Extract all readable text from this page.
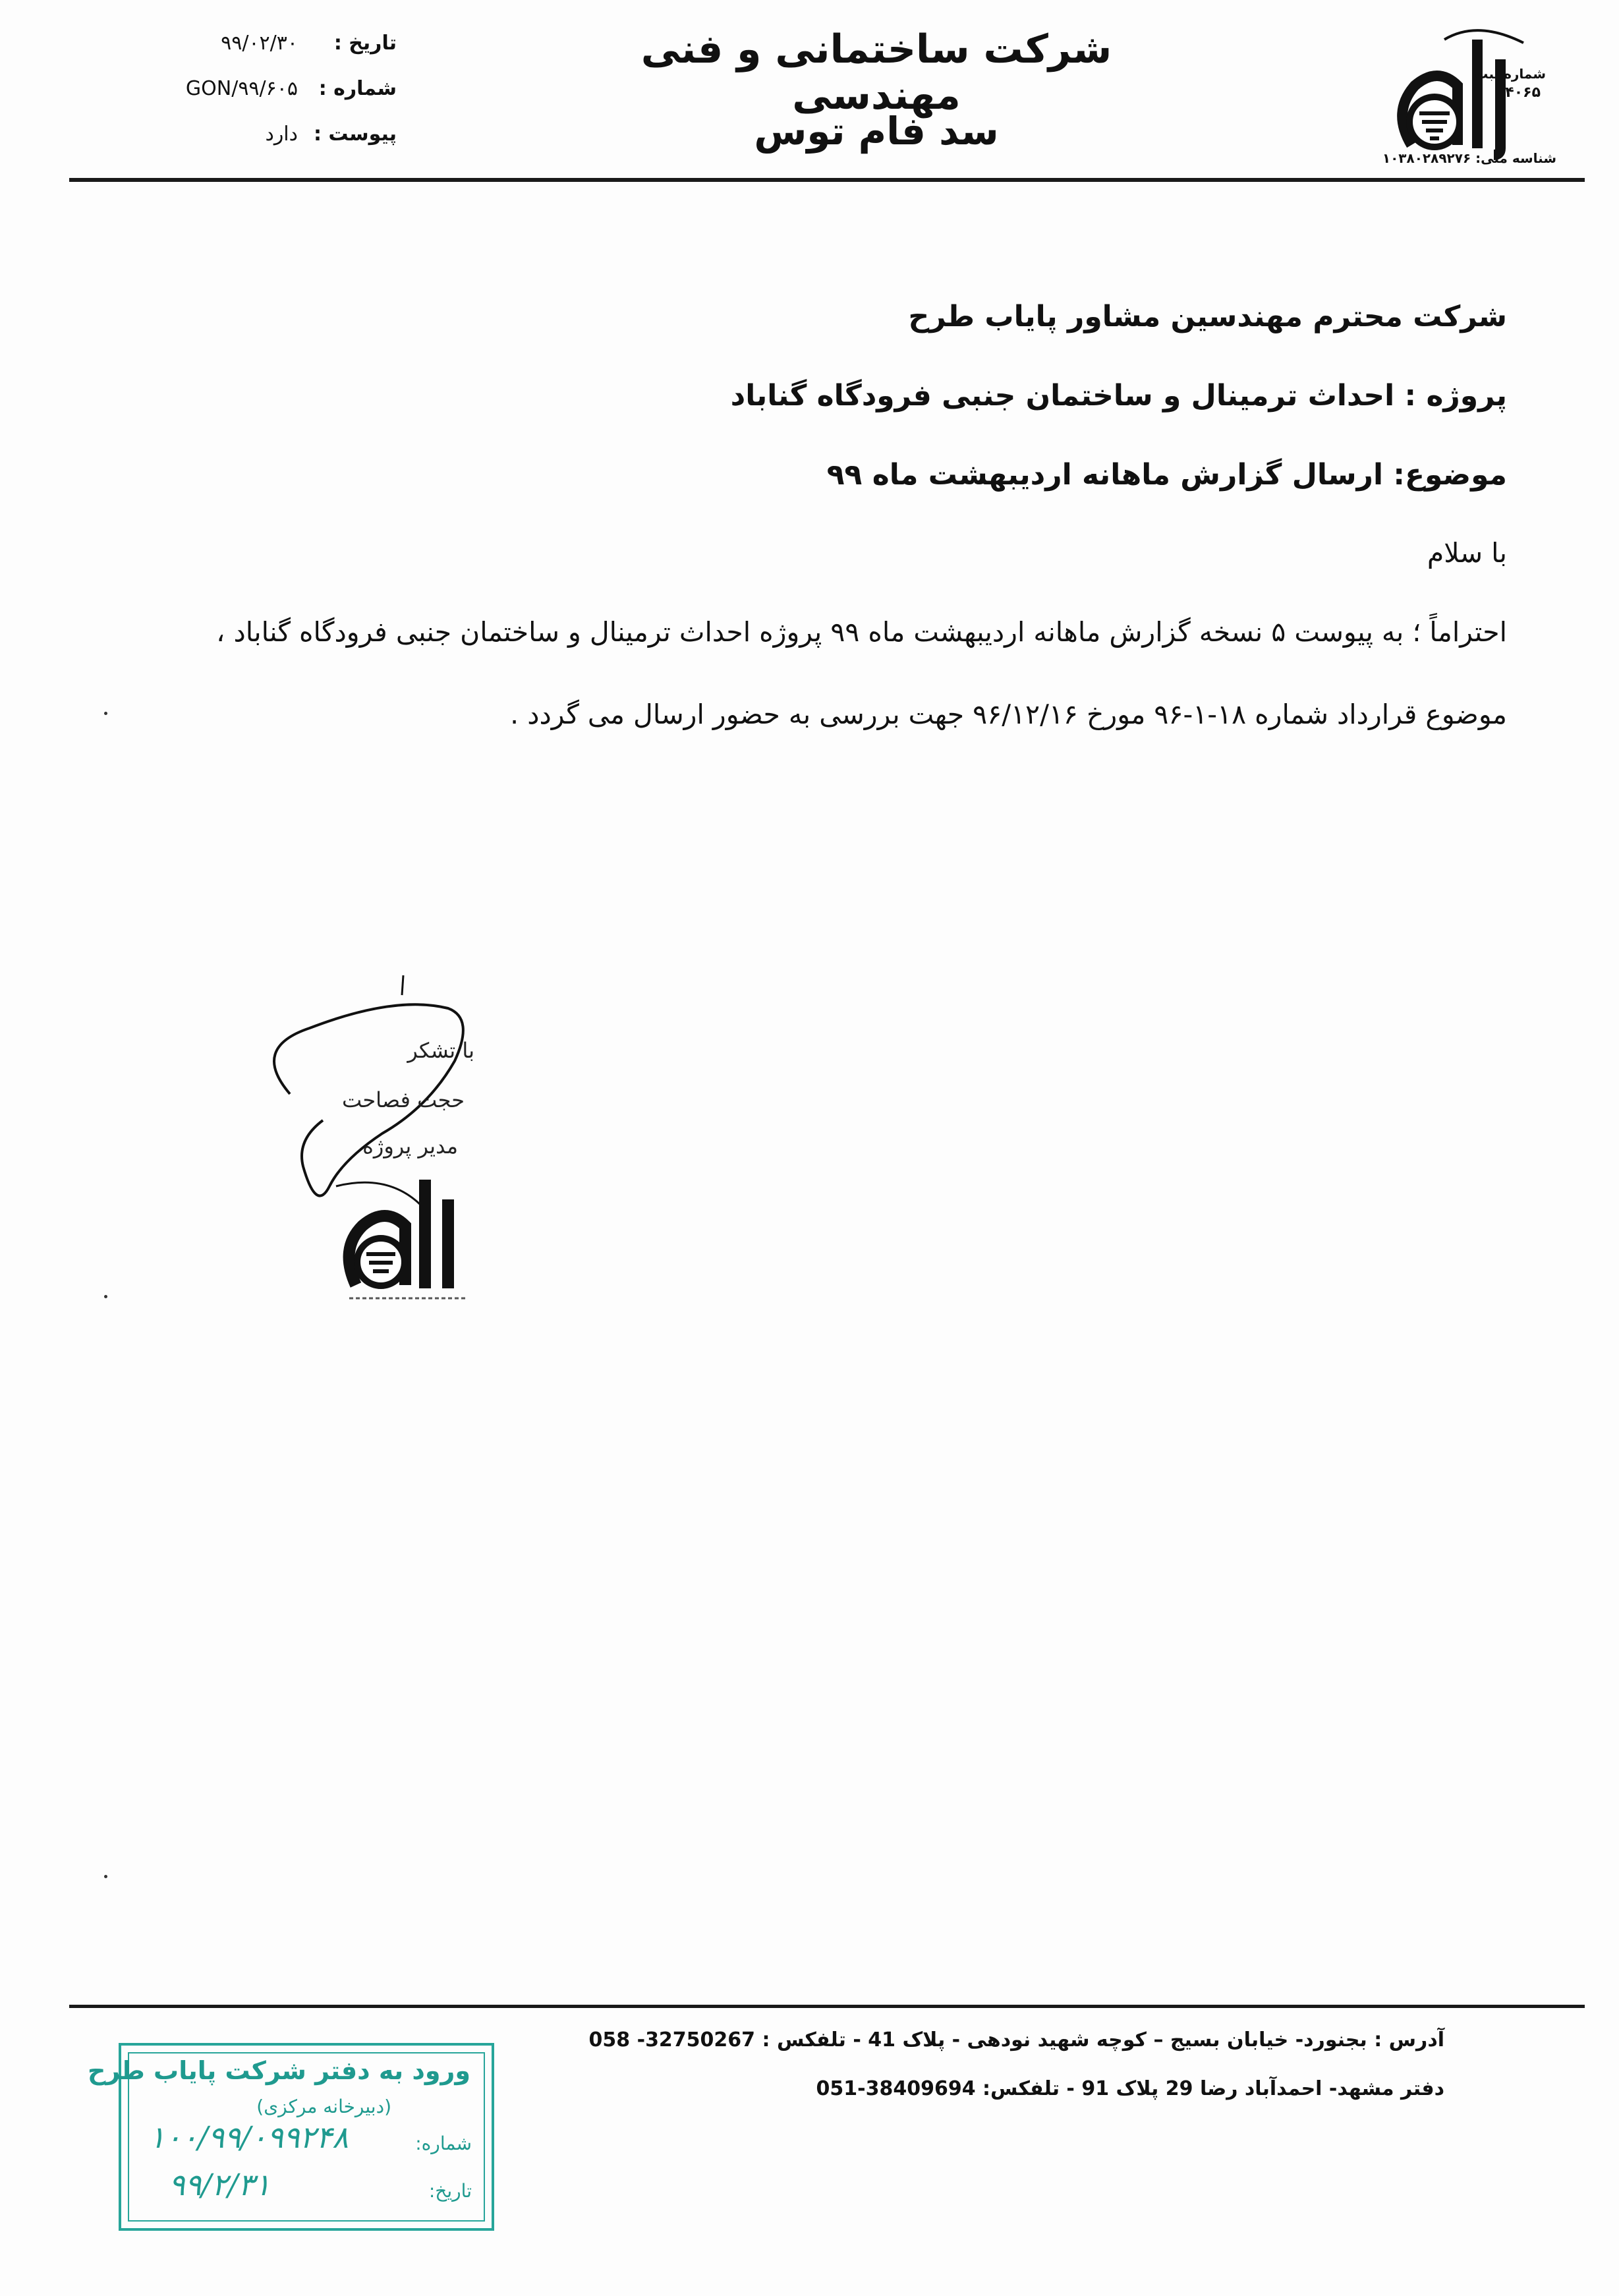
تاریخ :
۹۹/۰۲/۳۰
شماره :
GON/۹۹/۶۰۵
پیوست :
دارد
شرکت ساختمانی و فنی مهندسی
سد فام توس
شماره ثبت
۴۰۶۵
شناسه ملی: ۱۰۳۸۰۲۸۹۲۷۶
شرکت محترم مهندسین مشاور پایاب طرح
پروژه : احداث ترمینال و ساختمان جنبی فرودگاه گناباد
موضوع: ارسال گزارش ماهانه اردیبهشت ماه ۹۹
با سلام
احتراماً ؛ به پیوست ۵ نسخه گزارش ماهانه اردیبهشت ماه ۹۹ پروژه احداث ترمینال و ساختمان جنبی فرودگاه گناباد ،
موضوع قرارداد شماره ۱۸-۱-۹۶ مورخ ۹۶/۱۲/۱۶ جهت بررسی به حضور ارسال می گردد .
با تشکر
حجت فصاحت
مدیر پروژه
آدرس : بجنورد- خیابان بسیج – کوچه شهید نودهی - پلاک 41 - تلفکس : 32750267- 058
دفتر مشهد- احمدآباد رضا 29 پلاک 91 - تلفکس: 38409694-051
ورود به دفتر شرکت پایاب طرح
(دبیرخانه مرکزی)
شماره:
۱۰۰/۹۹/۰۹۹۲۴۸
تاریخ:
۹۹/۲/۳۱
